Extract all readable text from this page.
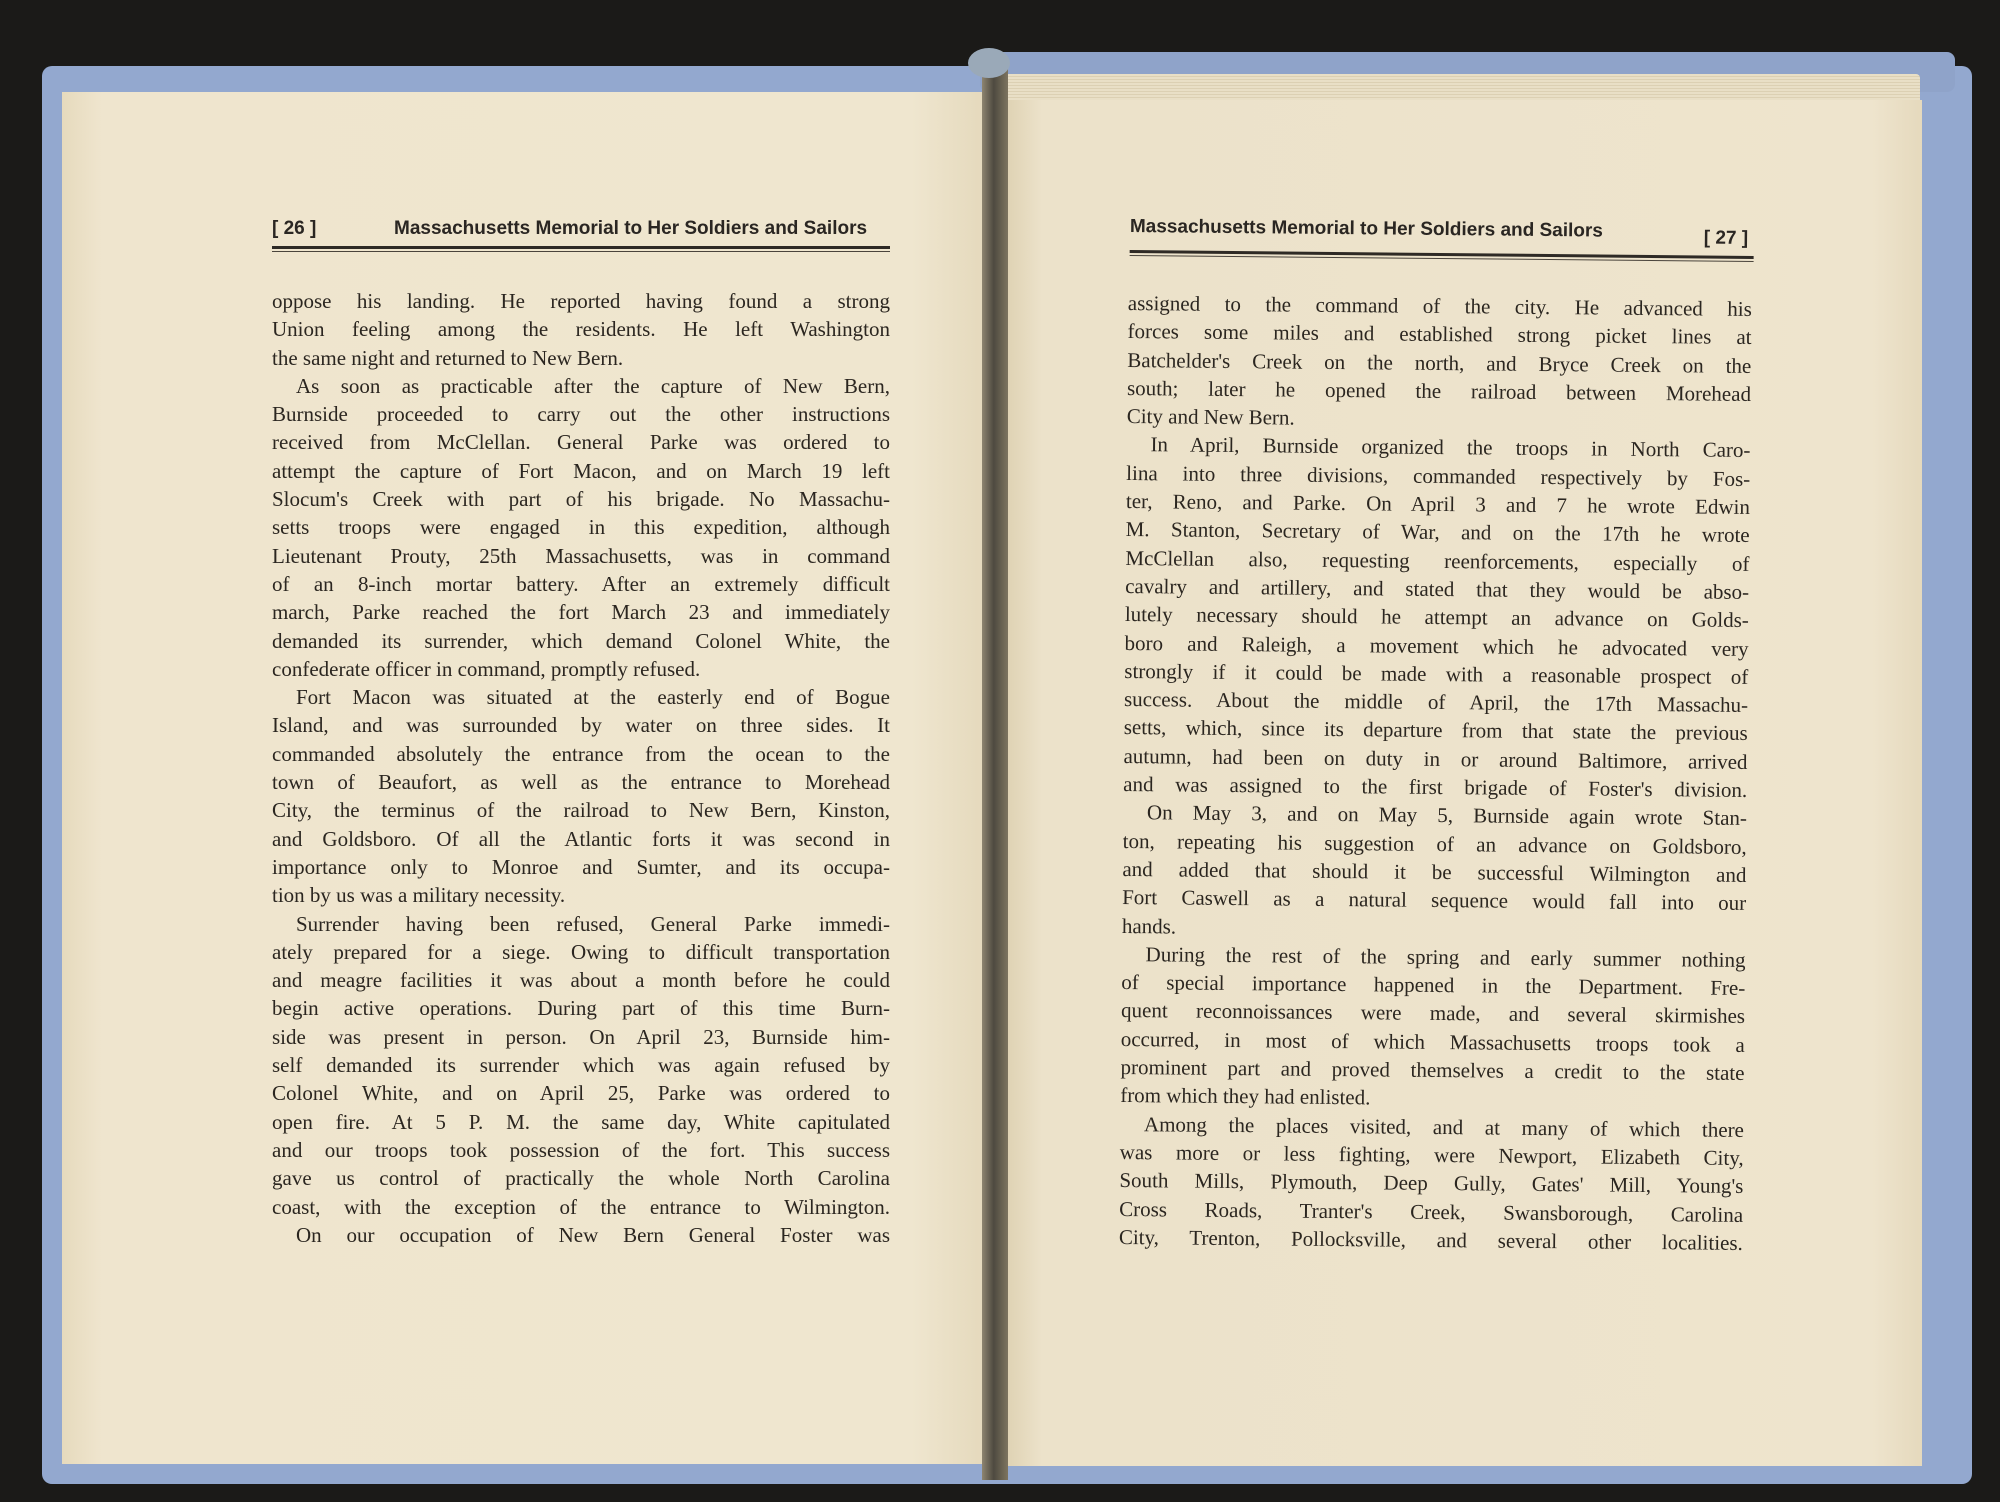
[ 26 ]	Massachusetts Memorial to Her Soldiers and Sailors	Massachusetts Memorial to Her Soldiers and Sailors	[ 27 ]
oppose his landing. He reported having found a strong
Union feeling among the residents. He left Washington
the same night and returned to New Bern.
As soon as practicable after the capture of New Bern,
Burnside proceeded to carry out the other instructions
received from McClellan. General Parke was ordered to
attempt the capture of Fort Macon, and on March 19 left
Slocum's Creek with part of his brigade. No Massachu-
setts troops were engaged in this expedition, although
Lieutenant Prouty, 25th Massachusetts, was in command
of an 8-inch mortar battery. After an extremely difficult
march, Parke reached the fort March 23 and immediately
demanded its surrender, which demand Colonel White, the
confederate officer in command, promptly refused.
Fort Macon was situated at the easterly end of Bogue
Island, and was surrounded by water on three sides. It
commanded absolutely the entrance from the ocean to the
town of Beaufort, as well as the entrance to Morehead
City, the terminus of the railroad to New Bern, Kinston,
and Goldsboro. Of all the Atlantic forts it was second in
importance only to Monroe and Sumter, and its occupa-
tion by us was a military necessity.
Surrender having been refused, General Parke immedi-
ately prepared for a siege. Owing to difficult transportation
and meagre facilities it was about a month before he could
begin active operations. During part of this time Burn-
side was present in person. On April 23, Burnside him-
self demanded its surrender which was again refused by
Colonel White, and on April 25, Parke was ordered to
open fire. At 5 P. M. the same day, White capitulated
and our troops took possession of the fort. This success
gave us control of practically the whole North Carolina
coast, with the exception of the entrance to Wilmington.
On our occupation of New Bern General Foster was
assigned to the command of the city. He advanced his
forces some miles and established strong picket lines at
Batchelder's Creek on the north, and Bryce Creek on the
south; later he opened the railroad between Morehead
City and New Bern.
In April, Burnside organized the troops in North Caro-
lina into three divisions, commanded respectively by Fos-
ter, Reno, and Parke. On April 3 and 7 he wrote Edwin
M. Stanton, Secretary of War, and on the 17th he wrote
McClellan also, requesting reenforcements, especially of
cavalry and artillery, and stated that they would be abso-
lutely necessary should he attempt an advance on Golds-
boro and Raleigh, a movement which he advocated very
strongly if it could be made with a reasonable prospect of
success. About the middle of April, the 17th Massachu-
setts, which, since its departure from that state the previous
autumn, had been on duty in or around Baltimore, arrived
and was assigned to the first brigade of Foster's division.
On May 3, and on May 5, Burnside again wrote Stan-
ton, repeating his suggestion of an advance on Goldsboro,
and added that should it be successful Wilmington and
Fort Caswell as a natural sequence would fall into our
hands.
During the rest of the spring and early summer nothing
of special importance happened in the Department. Fre-
quent reconnoissances were made, and several skirmishes
occurred, in most of which Massachusetts troops took a
prominent part and proved themselves a credit to the state
from which they had enlisted.
Among the places visited, and at many of which there
was more or less fighting, were Newport, Elizabeth City,
South Mills, Plymouth, Deep Gully, Gates' Mill, Young's
Cross Roads, Tranter's Creek, Swansborough, Carolina
City, Trenton, Pollocksville, and several other localities.
